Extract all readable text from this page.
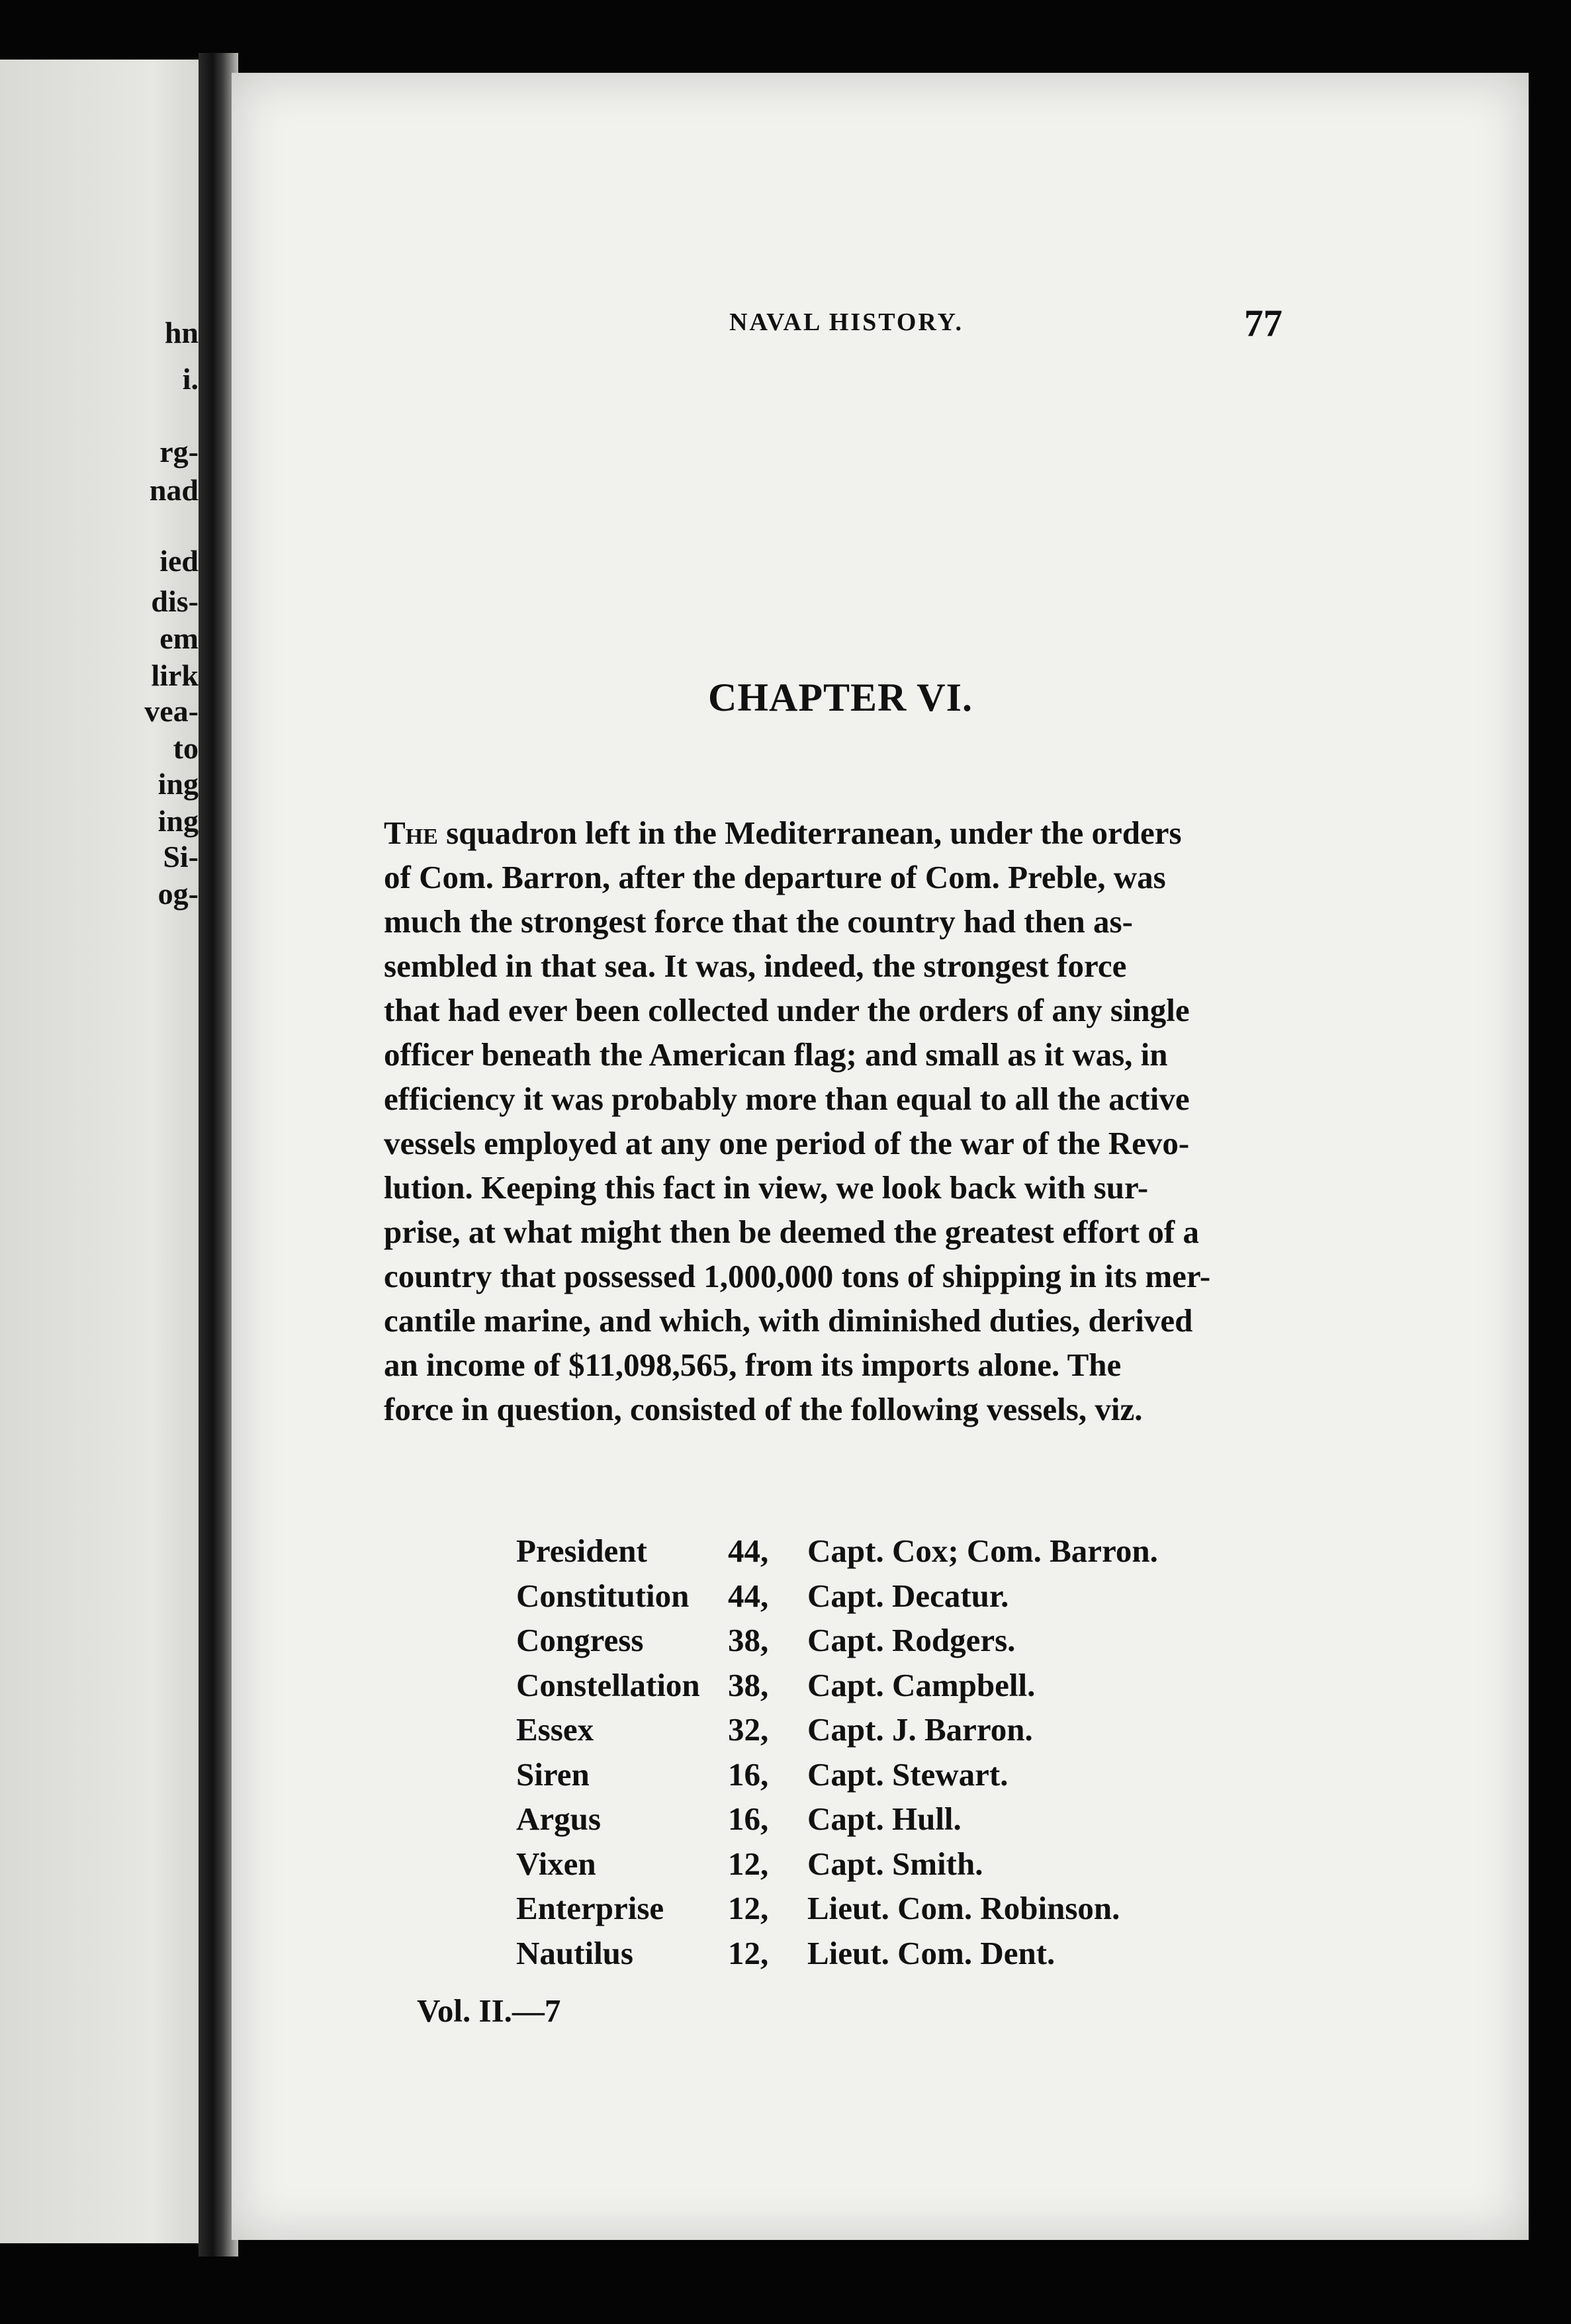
hn
i.
rg-
nad
ied
dis-
em
lirk
vea-
to
ing
ing
Si-
og-
NAVAL HISTORY.	77
CHAPTER VI.
The squadron left in the Mediterranean, under the orders
of Com. Barron, after the departure of Com. Preble, was
much the strongest force that the country had then as-
sembled in that sea. It was, indeed, the strongest force
that had ever been collected under the orders of any single
officer beneath the American flag; and small as it was, in
efficiency it was probably more than equal to all the active
vessels employed at any one period of the war of the Revo-
lution. Keeping this fact in view, we look back with sur-
prise, at what might then be deemed the greatest effort of a
country that possessed 1,000,000 tons of shipping in its mer-
cantile marine, and which, with diminished duties, derived
an income of $11,098,565, from its imports alone. The
force in question, consisted of the following vessels, viz.
President	44,	Capt. Cox; Com. Barron.
Constitution	44,	Capt. Decatur.
Congress	38,	Capt. Rodgers.
Constellation 38,	Capt. Campbell.
Essex	32,	Capt. J. Barron.
Siren	16,	Capt. Stewart.
Argus	16,	Capt. Hull.
Vixen	12,	Capt. Smith.
Enterprise	12,	Lieut. Com. Robinson.
Nautilus	12,	Lieut. Com. Dent.
Vol. II.—7
